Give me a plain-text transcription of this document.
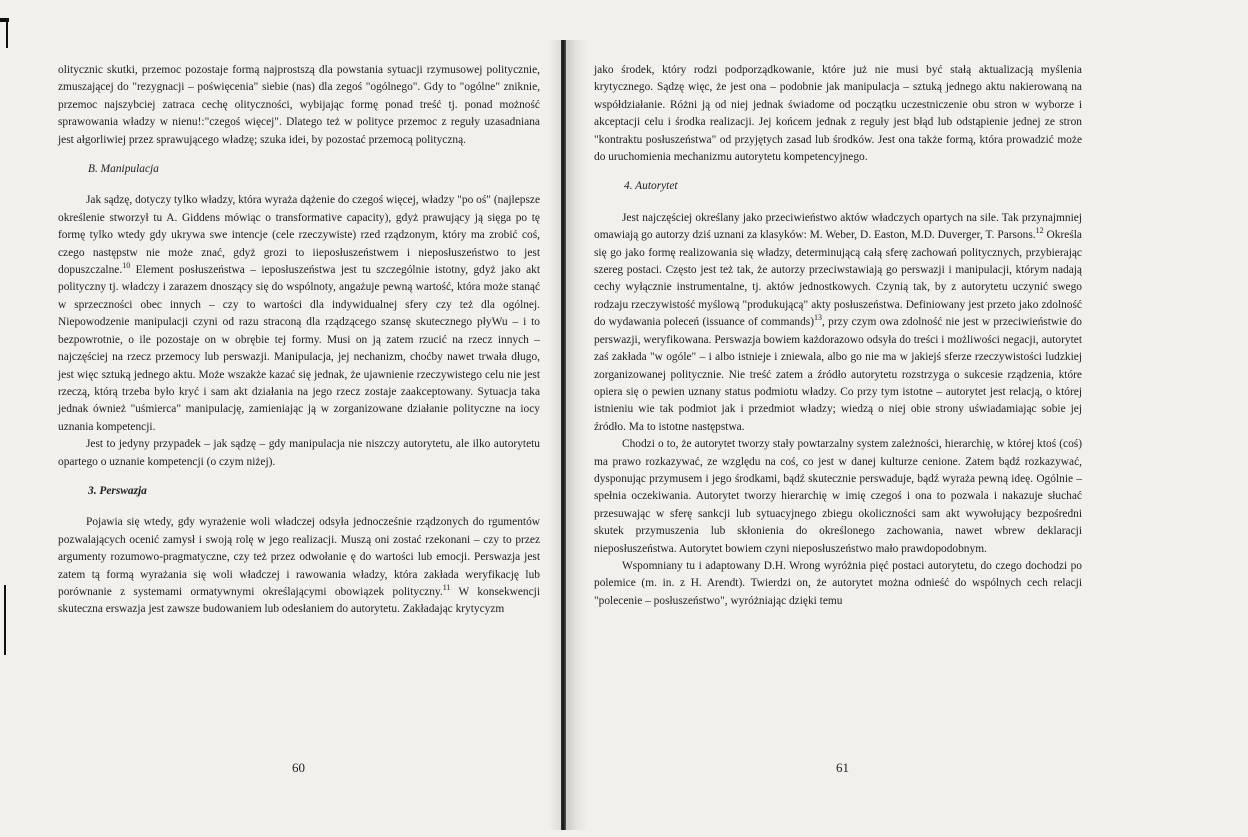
olitycznic skutki, przemoc pozostaje formą najprostszą dla powstania sytuacji rzymusowej politycznie, zmuszającej do "rezygnacji – poświęcenia" siebie (nas) dla zegoś "ogólnego". Gdy to "ogólne" zniknie, przemoc najszybciej zatraca cechę olityczności, wybijając formę ponad treść tj. ponad możność sprawowania władzy w nienu!:"czegoś więcej". Dlatego też w polityce przemoc z reguły uzasadniana jest ałgorliwiej przez sprawującego władzę; szuka idei, by pozostać przemocą polityczną.

B. Manipulacja

Jak sądzę, dotyczy tylko władzy, która wyraża dążenie do czegoś więcej, władzy "po oś" (najlepsze określenie stworzył tu A. Giddens mówiąc o transformative capacity), gdyż prawujący ją sięga po tę formę tylko wtedy gdy ukrywa swe intencje (cele rzeczywiste) rzed rządzonym, który ma zrobić coś, czego następstw nie może znać, gdyż grozi to iieposłuszeństwem i nieposłuszeństwo to jest dopuszczalne.$^{10}$ Element posłuszeństwa – ieposłuszeństwa jest tu szczególnie istotny, gdyż jako akt polityczny tj. władczy i zarazem dnoszący się do wspólnoty, angażuje pewną wartość, która może stanąć w sprzeczności obec innych – czy to wartości dla indywidualnej sfery czy też dla ogólnej. Niepowodzenie manipulacji czyni od razu straconą dla rządzącego szansę skutecznego płyWu – i to bezpowrotnie, o ile pozostaje on w obrębie tej formy. Musi on ją zatem rzucić na rzecz innych – najczęściej na rzecz przemocy lub perswazji. Manipulacja, jej nechanizm, choćby nawet trwała długo, jest więc sztuką jednego aktu. Może wszakże kazać się jednak, że ujawnienie rzeczywistego celu nie jest rzeczą, którą trzeba było kryć i sam akt działania na jego rzecz zostaje zaakceptowany. Sytuacja taka jednak ównież "uśmierca" manipulację, zamieniając ją w zorganizowane działanie polityczne na iocy uznania kompetencji.

Jest to jedyny przypadek – jak sądzę – gdy manipulacja nie niszczy autorytetu, ale ilko autorytetu opartego o uznanie kompetencji (o czym niżej).

3. Perswazja

Pojawia się wtedy, gdy wyrażenie woli władczej odsyła jednocześnie rządzonych do rgumentów pozwalających ocenić zamysł i swoją rolę w jego realizacji. Muszą oni zostać rzekonani – czy to przez argumenty rozumowo-pragmatyczne, czy też przez odwołanie ę do wartości lub emocji. Perswazja jest zatem tą formą wyrażania się woli władczej i rawowania władzy, która zakłada weryfikację lub porównanie z systemami ormatywnymi określającymi obowiązek polityczny.$^{11}$ W konsekwencji skuteczna erswazja jest zawsze budowaniem lub odesłaniem do autorytetu. Zakładając krytycyzm

60

jako środek, który rodzi podporządkowanie, które już nie musi być stałą aktualizacją myślenia krytycznego. Sądzę więc, że jest ona – podobnie jak manipulacja – sztuką jednego aktu nakierowaną na współdziałanie. Różni ją od niej jednak świadome od początku uczestniczenie obu stron w wyborze i akceptacji celu i środka realizacji. Jej końcem jednak z reguły jest błąd lub odstąpienie jednej ze stron "kontraktu posłuszeństwa" od przyjętych zasad lub środków. Jest ona także formą, która prowadzić może do uruchomienia mechanizmu autorytetu kompetencyjnego.

4. Autorytet

Jest najczęściej określany jako przeciwieństwo aktów władczych opartych na sile. Tak przynajmniej omawiają go autorzy dziś uznani za klasyków: M. Weber, D. Easton, M.D. Duverger, T. Parsons.$^{12}$ Określa się go jako formę realizowania się władzy, determinującą całą sferę zachowań politycznych, przybierając szereg postaci. Często jest też tak, że autorzy przeciwstawiają go perswazji i manipulacji, którym nadają cechy wyłącznie instrumentalne, tj. aktów jednostkowych. Czynią tak, by z autorytetu uczynić swego rodzaju rzeczywistość myślową "produkującą" akty posłuszeństwa. Definiowany jest przeto jako zdolność do wydawania poleceń (issuance of commands)$^{13}$, przy czym owa zdolność nie jest w przeciwieństwie do perswazji, weryfikowana. Perswazja bowiem każdorazowo odsyła do treści i możliwości negacji, autorytet zaś zakłada "w ogóle" – i albo istnieje i zniewala, albo go nie ma w jakiejś sferze rzeczywistości ludzkiej zorganizowanej politycznie. Nie treść zatem a źródło autorytetu rozstrzyga o sukcesie rządzenia, które opiera się o pewien uznany status podmiotu władzy. Co przy tym istotne – autorytet jest relacją, o której istnieniu wie tak podmiot jak i przedmiot władzy; wiedzą o niej obie strony uświadamiając sobie jej źródło. Ma to istotne następstwa.

Chodzi o to, że autorytet tworzy stały powtarzalny system zależności, hierarchię, w której ktoś (coś) ma prawo rozkazywać, ze względu na coś, co jest w danej kulturze cenione. Zatem bądź rozkazywać, dysponując przymusem i jego środkami, bądź skutecznie perswaduje, bądź wyraża pewną ideę. Ogólnie – spełnia oczekiwania. Autorytet tworzy hierarchię w imię czegoś i ona to pozwala i nakazuje słuchać przesuwając w sferę sankcji lub sytuacyjnego zbiegu okoliczności sam akt wywołujący bezpośredni skutek przymuszenia lub skłonienia do określonego zachowania, nawet wbrew deklaracji nieposłuszeństwa. Autorytet bowiem czyni nieposłuszeństwo mało prawdopodobnym.

Wspomniany tu i adaptowany D.H. Wrong wyróżnia pięć postaci autorytetu, do czego dochodzi po polemice (m. in. z H. Arendt). Twierdzi on, że autorytet można odnieść do wspólnych cech relacji "polecenie – posłuszeństwo", wyróżniając dzięki temu

61
